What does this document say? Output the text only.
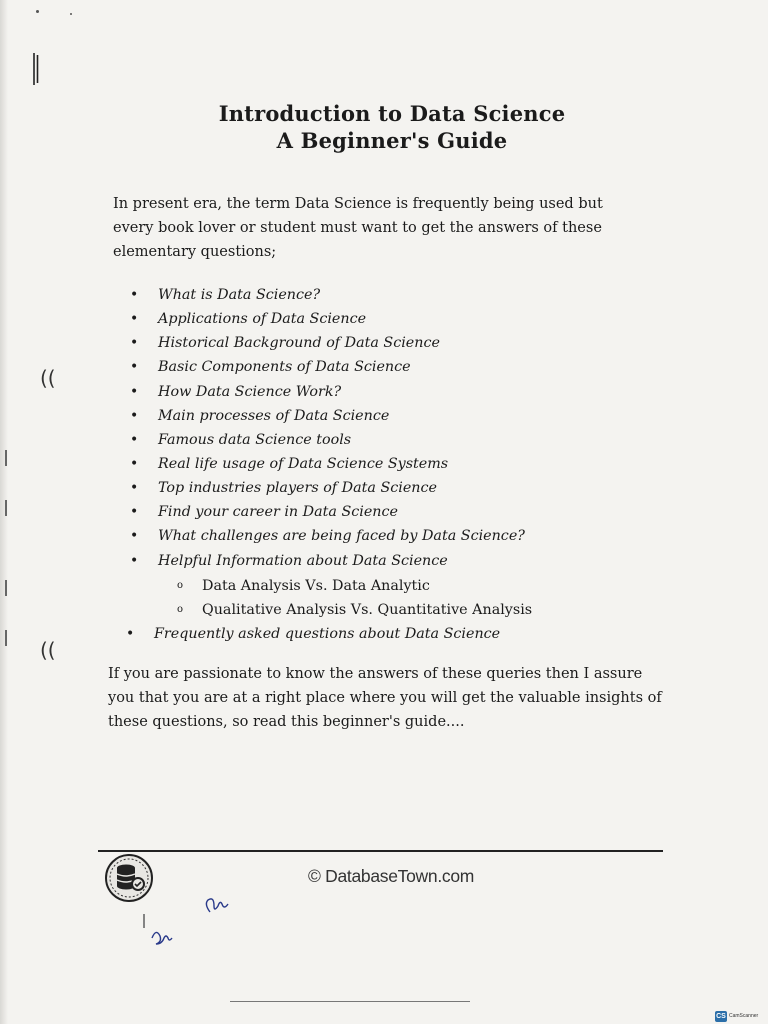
Introduction to Data Science
A Beginner's Guide

In present era, the term Data Science is frequently being used but every book lover or student must want to get the answers of these elementary questions;

• What is Data Science?
• Applications of Data Science
• Historical Background of Data Science
• Basic Components of Data Science
• How Data Science Work?
• Main processes of Data Science
• Famous data Science tools
• Real life usage of Data Science Systems
• Top industries players of Data Science
• Find your career in Data Science
• What challenges are being faced by Data Science?
• Helpful Information about Data Science
o Data Analysis Vs. Data Analytic
o Qualitative Analysis Vs. Quantitative Analysis
• Frequently asked questions about Data Science
((
((

If you are passionate to know the answers of these queries then I assure you that you are at a right place where you will get the valuable insights of these questions, so read this beginner's guide....

© DatabaseTown.com
CS CamScanner
